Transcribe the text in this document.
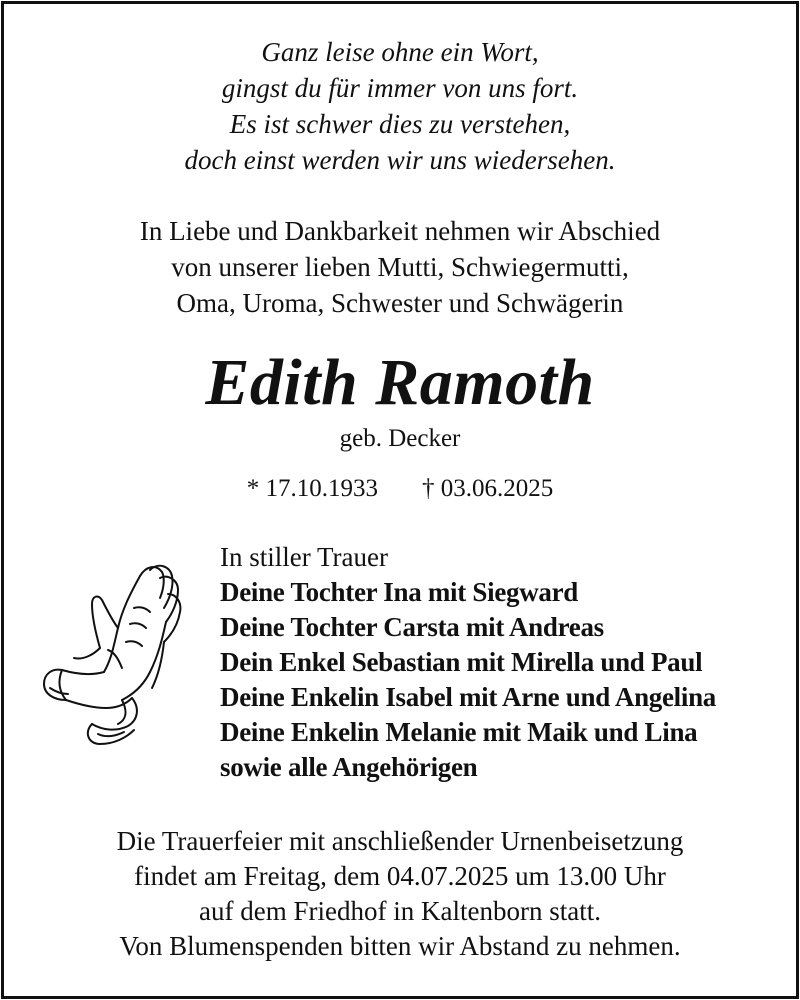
Ganz leise ohne ein Wort,
gingst du für immer von uns fort.
Es ist schwer dies zu verstehen,
doch einst werden wir uns wiedersehen.
In Liebe und Dankbarkeit nehmen wir Abschied
von unserer lieben Mutti, Schwiegermutti,
Oma, Uroma, Schwester und Schwägerin
Edith Ramoth
geb. Decker
* 17.10.1933 † 03.06.2025
In stiller Trauer
Deine Tochter Ina mit Siegward
Deine Tochter Carsta mit Andreas
Dein Enkel Sebastian mit Mirella und Paul
Deine Enkelin Isabel mit Arne und Angelina
Deine Enkelin Melanie mit Maik und Lina
sowie alle Angehörigen
Die Trauerfeier mit anschließender Urnenbeisetzung
findet am Freitag, dem 04.07.2025 um 13.00 Uhr
auf dem Friedhof in Kaltenborn statt.
Von Blumenspenden bitten wir Abstand zu nehmen.
